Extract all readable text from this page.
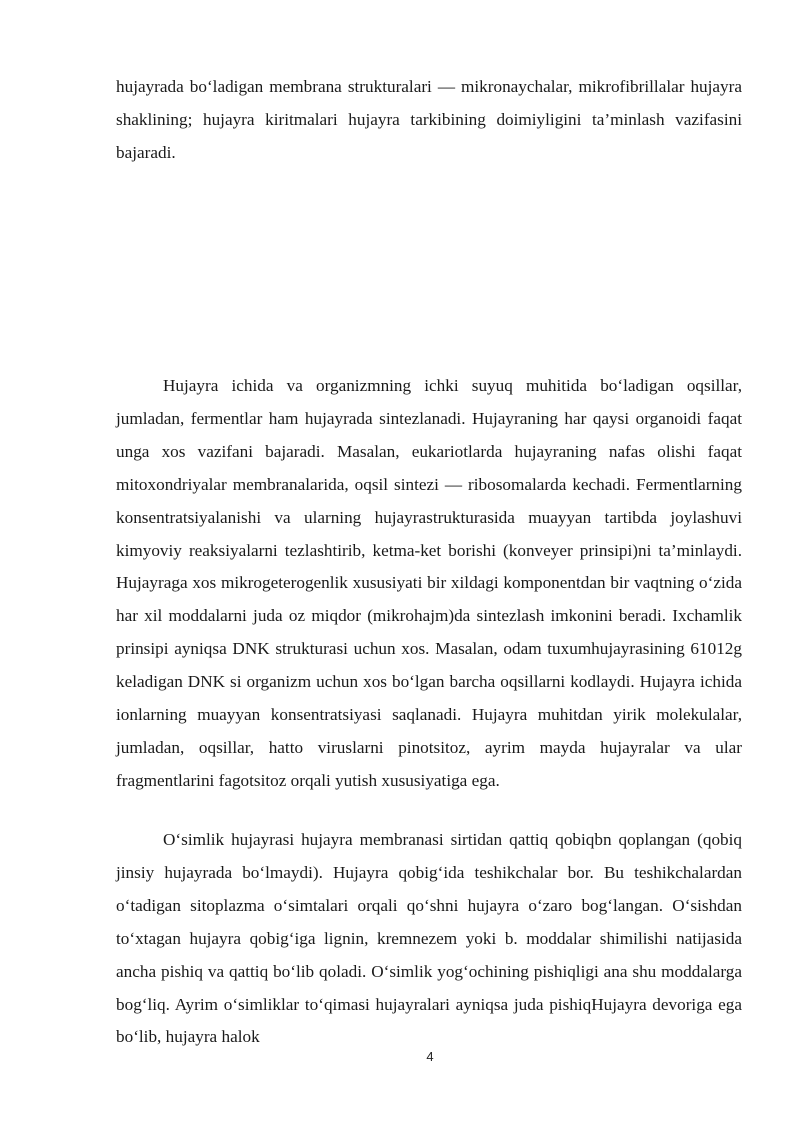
hujayrada bo‘ladigan membrana strukturalari — mikronaychalar, mikrofibrillalar hujayra shaklining; hujayra kiritmalari hujayra tarkibining doimiyligini ta’minlash vazifasini bajaradi.

Hujayra ichida va organizmning ichki suyuq muhitida bo‘ladigan oqsillar, jumladan, fermentlar ham hujayrada sintezlanadi. Hujayraning har qaysi organoidi faqat unga xos vazifani bajaradi. Masalan, eukariotlarda hujayraning nafas olishi faqat mitoxondriyalar membranalarida, oqsil sintezi — ribosomalarda kechadi. Fermentlarning konsentratsiyalanishi va ularning hujayrastrukturasida muayyan tartibda joylashuvi kimyoviy reaksiyalarni tezlashtirib, ketma-ket borishi (konveyer prinsipi)ni ta’minlaydi. Hujayraga xos mikrogeterogenlik xususiyati bir xildagi komponentdan bir vaqtning o‘zida har xil moddalarni juda oz miqdor (mikrohajm)da sintezlash imkonini beradi. Ixchamlik prinsipi ayniqsa DNK strukturasi uchun xos. Masalan, odam tuxumhujayrasining 61012g keladigan DNK si organizm uchun xos bo‘lgan barcha oqsillarni kodlaydi. Hujayra ichida ionlarning muayyan konsentratsiyasi saqlanadi. Hujayra muhitdan yirik molekulalar, jumladan, oqsillar, hatto viruslarni pinotsitoz, ayrim mayda hujayralar va ular fragmentlarini fagotsitoz orqali yutish xususiyatiga ega.

O‘simlik hujayrasi hujayra membranasi sirtidan qattiq qobiqbn qoplangan (qobiq jinsiy hujayrada bo‘lmaydi). Hujayra qobig‘ida teshikchalar bor. Bu teshikchalardan o‘tadigan sitoplazma o‘simtalari orqali qo‘shni hujayra o‘zaro bog‘langan. O‘sishdan to‘xtagan hujayra qobig‘iga lignin, kremnezem yoki b. moddalar shimilishi natijasida ancha pishiq va qattiq bo‘lib qoladi. O‘simlik yog‘ochining pishiqligi ana shu moddalarga bog‘liq. Ayrim o‘simliklar to‘qimasi hujayralari ayniqsa juda pishiqHujayra devoriga ega bo‘lib, hujayra halok

4
